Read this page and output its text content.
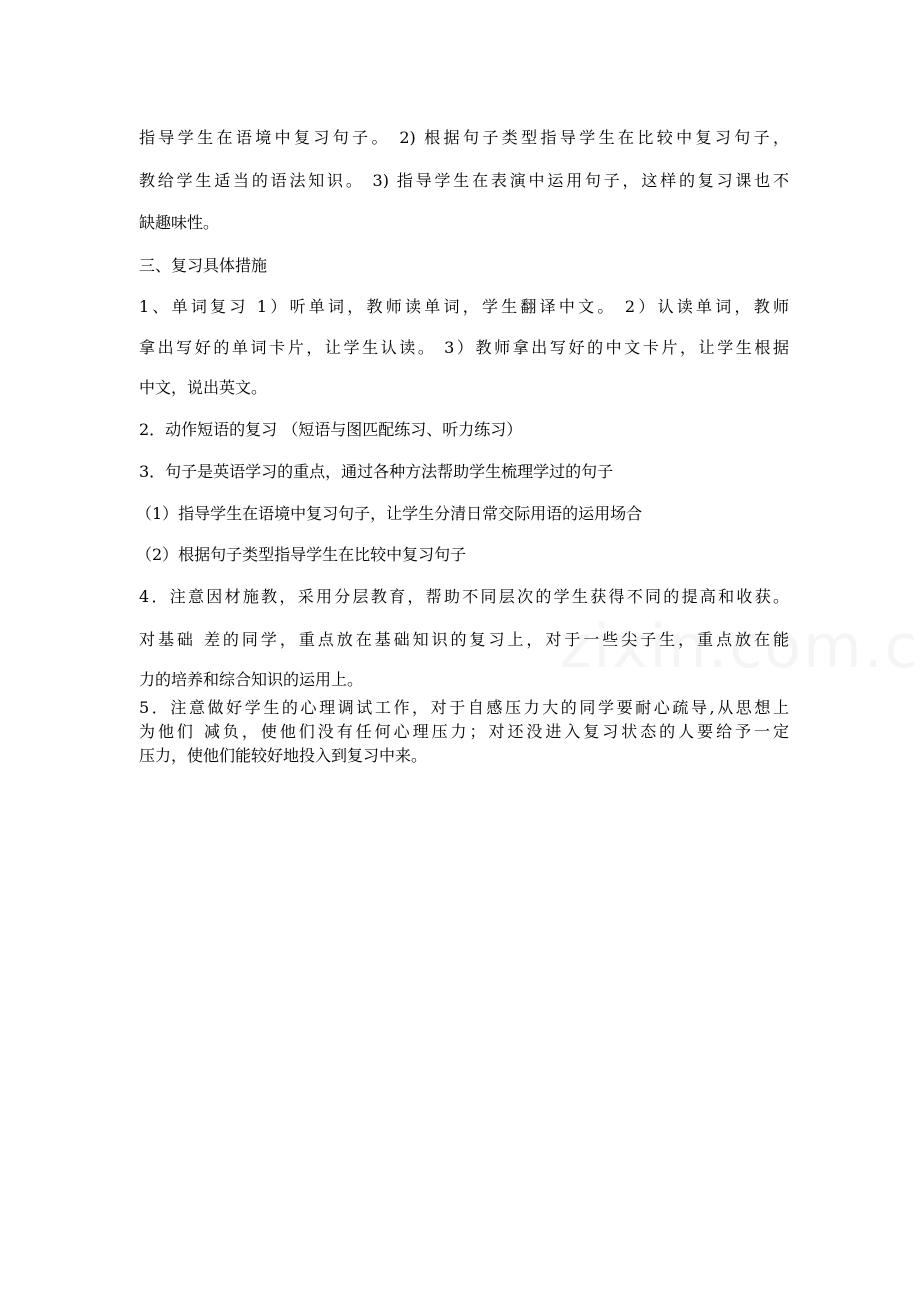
指导学生在语境中复习句子。 2) 根据句子类型指导学生在比较中复习句子，
教给学生适当的语法知识。 3) 指导学生在表演中运用句子，这样的复习课也不
缺趣味性。
三、复习具体措施
1、单词复习 1）听单词，教师读单词，学生翻译中文。 2）认读单词，教师
拿出写好的单词卡片，让学生认读。 3）教师拿出写好的中文卡片，让学生根据
中文，说出英文。
2．动作短语的复习 （短语与图匹配练习、听力练习）
3．句子是英语学习的重点，通过各种方法帮助学生梳理学过的句子
（1）指导学生在语境中复习句子，让学生分清日常交际用语的运用场合
（2）根据句子类型指导学生在比较中复习句子
4．注意因材施教，采用分层教育，帮助不同层次的学生获得不同的提高和收获。
对基础 差的同学，重点放在基础知识的复习上，对于一些尖子生，重点放在能
力的培养和综合知识的运用上。
5．注意做好学生的心理调试工作，对于自感压力大的同学要耐心疏导,从思想上
为他们 减负，使他们没有任何心理压力；对还没进入复习状态的人要给予一定
压力，使他们能较好地投入到复习中来。
